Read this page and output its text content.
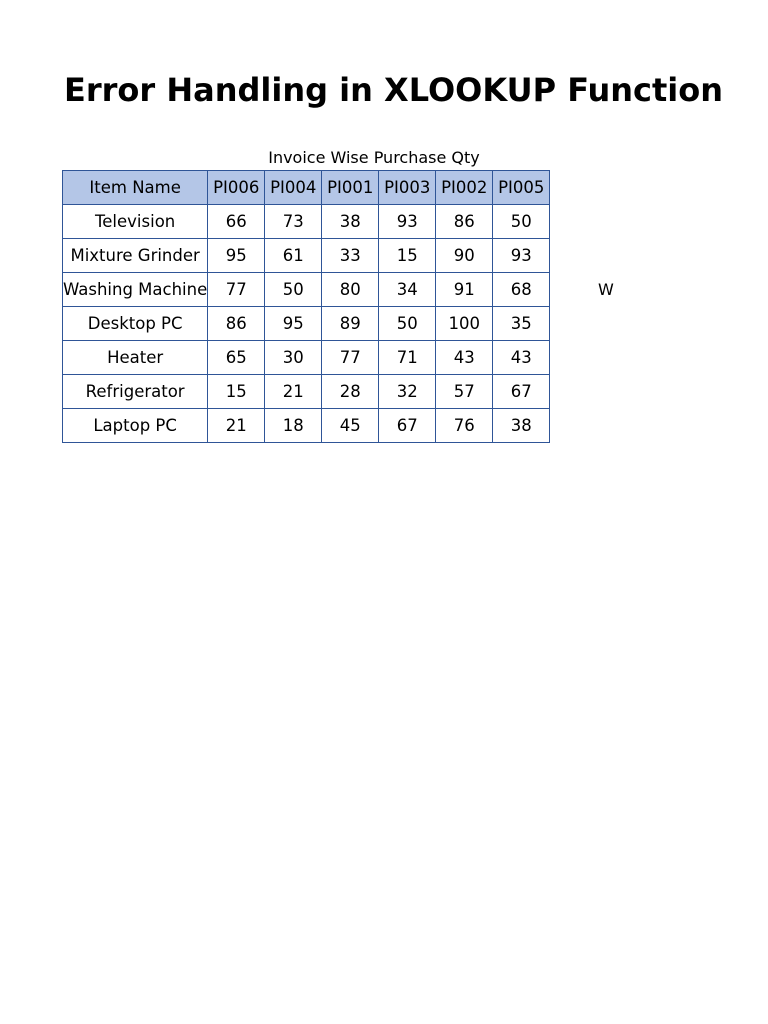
Error Handling in XLOOKUP Function
Invoice Wise Purchase Qty
Item Name	PI006	PI004	PI001	PI003	PI002	PI005
Television	66	73	38	93	86	50
Mixture Grinder	95	61	33	15	90	93
Washing Machine	77	50	80	34	91	68
Desktop PC	86	95	89	50	100	35
Heater	65	30	77	71	43	43
Refrigerator	15	21	28	32	57	67
Laptop PC	21	18	45	67	76	38
W
